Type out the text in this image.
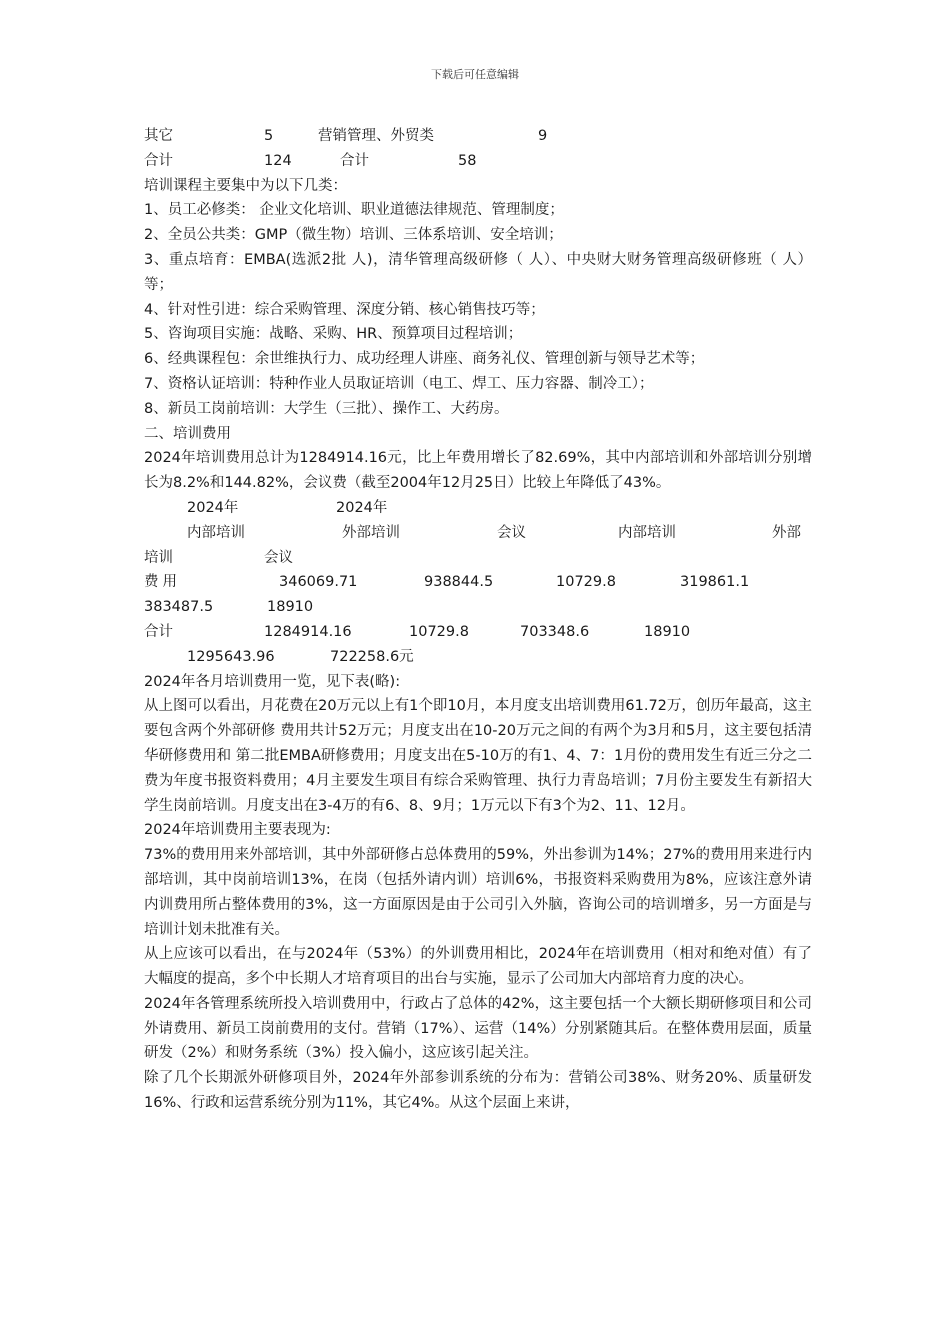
下载后可任意编辑
其它	5	营销管理、外贸类	9
合计	124	合计	58
培训课程主要集中为以下几类：
1、员工必修类： 企业文化培训、职业道德法律规范、管理制度；
2、全员公共类：GMP（微生物）培训、三体系培训、安全培训；
3、重点培育：EMBA(选派2批 人)，清华管理高级研修（ 人）、中央财大财务管理高级研修班（ 人）等；
4、针对性引进：综合采购管理、深度分销、核心销售技巧等；
5、咨询项目实施：战略、采购、HR、预算项目过程培训；
6、经典课程包：余世维执行力、成功经理人讲座、商务礼仪、管理创新与领导艺术等；
7、资格认证培训：特种作业人员取证培训（电工、焊工、压力容器、制冷工）；
8、新员工岗前培训：大学生（三批）、操作工、大药房。
二、培训费用
2024年培训费用总计为1284914.16元，比上年费用增长了82.69%，其中内部培训和外部培训分别增长为8.2%和144.82%，会议费（截至2004年12月25日）比较上年降低了43%。
2024年	2024年
内部培训	外部培训	会议	内部培训	外部
培训	会议
费用	346069.71	938844.5	10729.8	319861.1
383487.5	18910
合计	1284914.16	10729.8	703348.6	18910
1295643.96	722258.6元
2024年各月培训费用一览，见下表(略):
从上图可以看出，月花费在20万元以上有1个即10月，本月度支出培训费用61.72万，创历年最高，这主要包含两个外部研修 费用共计52万元；月度支出在10-20万元之间的有两个为3月和5月，这主要包括清华研修费用和 第二批EMBA研修费用；月度支出在5-10万的有1、4、7：1月份的费用发生有近三分之二费为年度书报资料费用；4月主要发生项目有综合采购管理、执行力青岛培训；7月份主要发生有新招大学生岗前培训。月度支出在3-4万的有6、8、9月；1万元以下有3个为2、11、12月。
2024年培训费用主要表现为:
73%的费用用来外部培训，其中外部研修占总体费用的59%，外出参训为14%；27%的费用用来进行内部培训，其中岗前培训13%，在岗（包括外请内训）培训6%，书报资料采购费用为8%，应该注意外请内训费用所占整体费用的3%，这一方面原因是由于公司引入外脑，咨询公司的培训增多，另一方面是与培训计划未批准有关。
从上应该可以看出，在与2024年（53%）的外训费用相比，2024年在培训费用（相对和绝对值）有了大幅度的提高，多个中长期人才培育项目的出台与实施，显示了公司加大内部培育力度的决心。
2024年各管理系统所投入培训费用中，行政占了总体的42%，这主要包括一个大额长期研修项目和公司外请费用、新员工岗前费用的支付。营销（17%）、运营（14%）分别紧随其后。在整体费用层面，质量研发（2%）和财务系统（3%）投入偏小，这应该引起关注。
除了几个长期派外研修项目外，2024年外部参训系统的分布为：营销公司38%、财务20%、质量研发16%、行政和运营系统分别为11%，其它4%。从这个层面上来讲，
